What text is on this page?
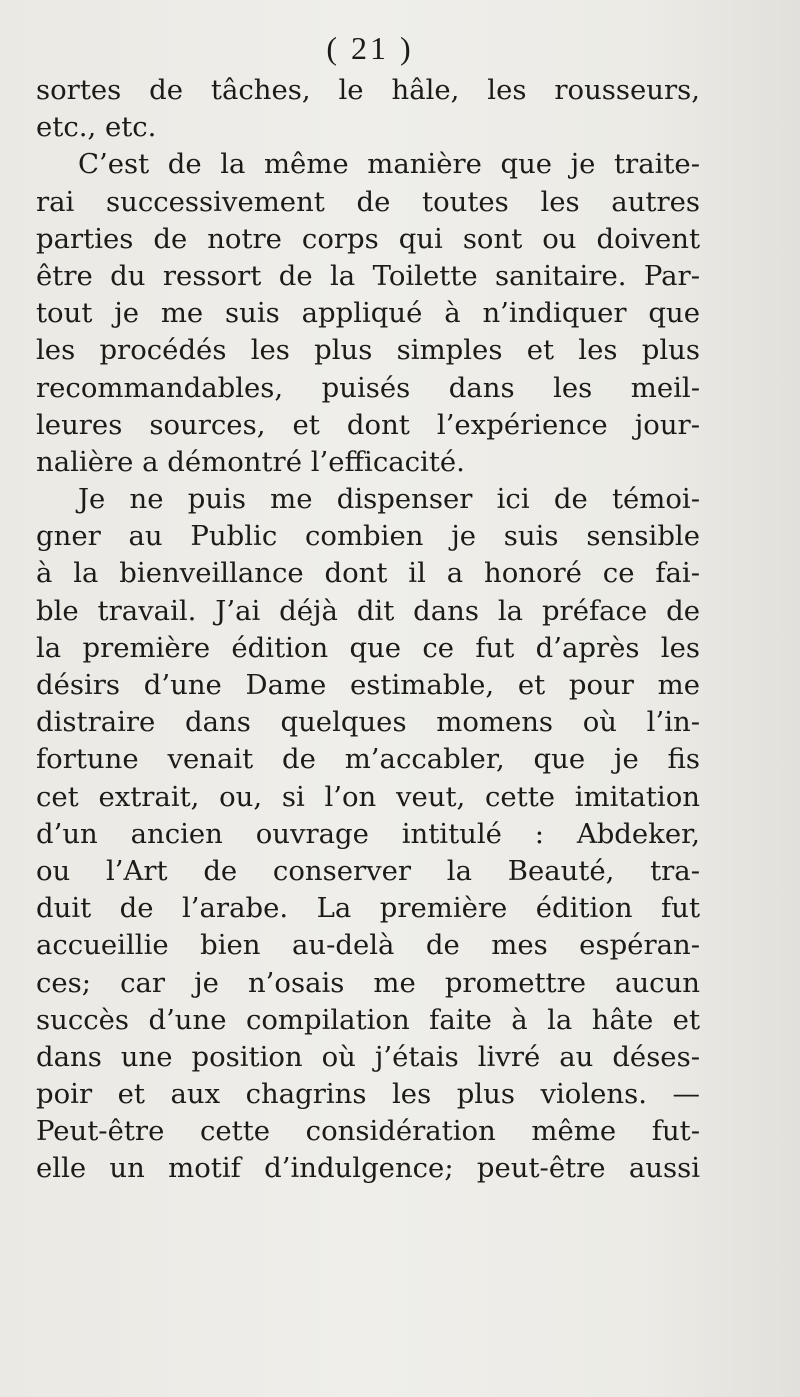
( 21 )
sortes de tâches, le hâle, les rousseurs,
etc., etc.
C’est de la même manière que je traite-
rai successivement de toutes les autres
parties de notre corps qui sont ou doivent
être du ressort de la Toilette sanitaire. Par-
tout je me suis appliqué à n’indiquer que
les procédés les plus simples et les plus
recommandables, puisés dans les meil-
leures sources, et dont l’expérience jour-
nalière a démontré l’efficacité.
Je ne puis me dispenser ici de témoi-
gner au Public combien je suis sensible
à la bienveillance dont il a honoré ce fai-
ble travail. J’ai déjà dit dans la préface de
la première édition que ce fut d’après les
désirs d’une Dame estimable, et pour me
distraire dans quelques momens où l’in-
fortune venait de m’accabler, que je fis
cet extrait, ou, si l’on veut, cette imitation
d’un ancien ouvrage intitulé : Abdeker,
ou l’Art de conserver la Beauté, tra-
duit de l’arabe. La première édition fut
accueillie bien au-delà de mes espéran-
ces; car je n’osais me promettre aucun
succès d’une compilation faite à la hâte et
dans une position où j’étais livré au déses-
poir et aux chagrins les plus violens. —
Peut-être cette considération même fut-
elle un motif d’indulgence; peut-être aussi
